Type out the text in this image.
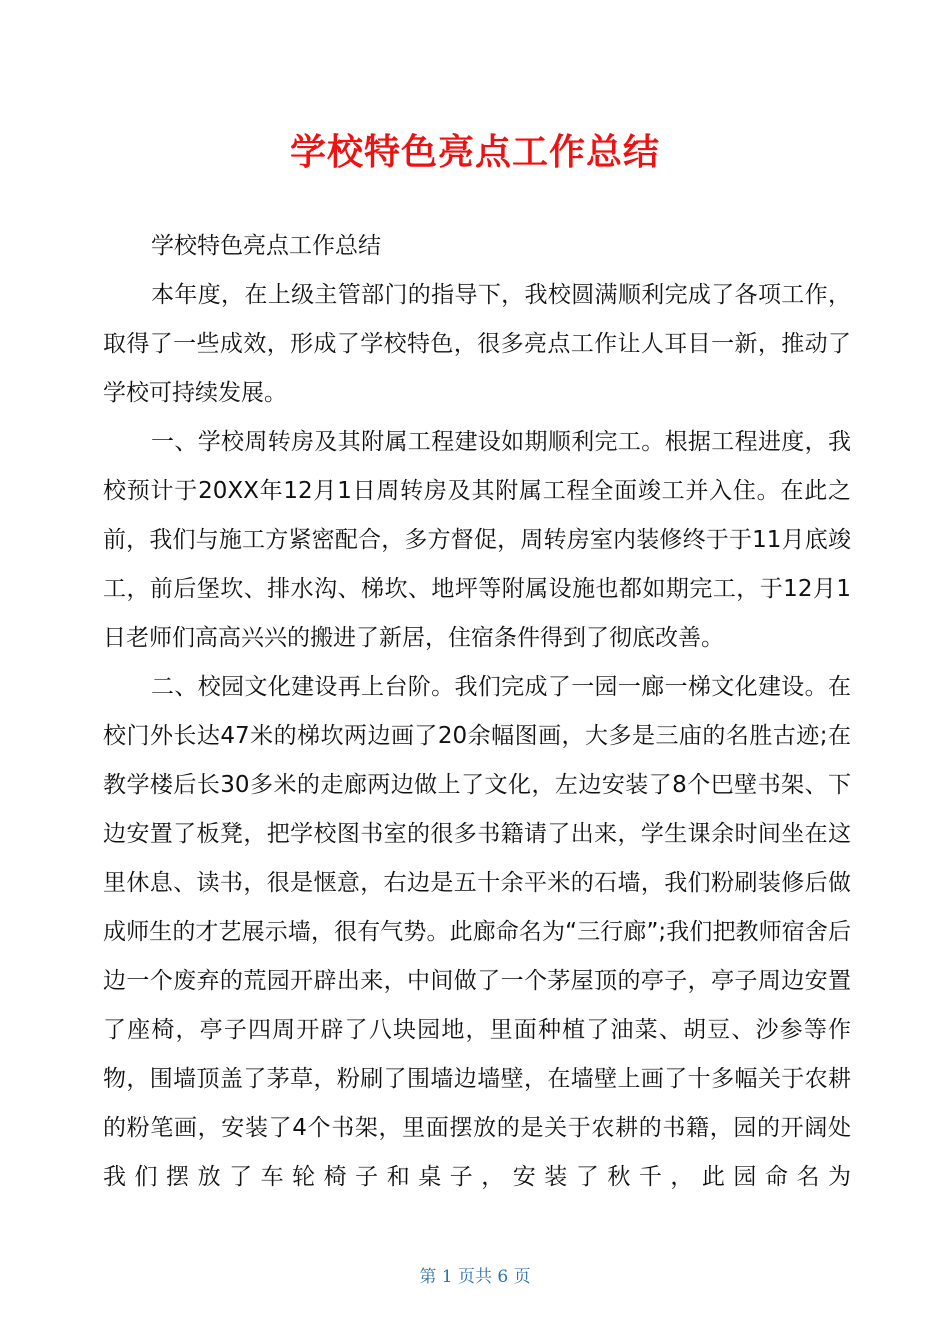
学校特色亮点工作总结

学校特色亮点工作总结

本年度，在上级主管部门的指导下，我校圆满顺利完成了各项工作，取得了一些成效，形成了学校特色，很多亮点工作让人耳目一新，推动了学校可持续发展。

一、学校周转房及其附属工程建设如期顺利完工。根据工程进度，我校预计于20XX年12月1日周转房及其附属工程全面竣工并入住。在此之前，我们与施工方紧密配合，多方督促，周转房室内装修终于于11月底竣工，前后堡坎、排水沟、梯坎、地坪等附属设施也都如期完工，于12月1日老师们高高兴兴的搬进了新居，住宿条件得到了彻底改善。

二、校园文化建设再上台阶。我们完成了一园一廊一梯文化建设。在校门外长达47米的梯坎两边画了20余幅图画，大多是三庙的名胜古迹;在教学楼后长30多米的走廊两边做上了文化，左边安装了8个巴壁书架、下边安置了板凳，把学校图书室的很多书籍请了出来，学生课余时间坐在这里休息、读书，很是惬意，右边是五十余平米的石墙，我们粉刷装修后做成师生的才艺展示墙，很有气势。此廊命名为“三行廊”;我们把教师宿舍后边一个废弃的荒园开辟出来，中间做了一个茅屋顶的亭子，亭子周边安置了座椅，亭子四周开辟了八块园地，里面种植了油菜、胡豆、沙参等作物，围墙顶盖了茅草，粉刷了围墙边墙壁，在墙壁上画了十多幅关于农耕的粉笔画，安装了4个书架，里面摆放的是关于农耕的书籍，园的开阔处我们摆放了车轮椅子和桌子，安装了秋千，此园命名为

第 1 页共 6 页
